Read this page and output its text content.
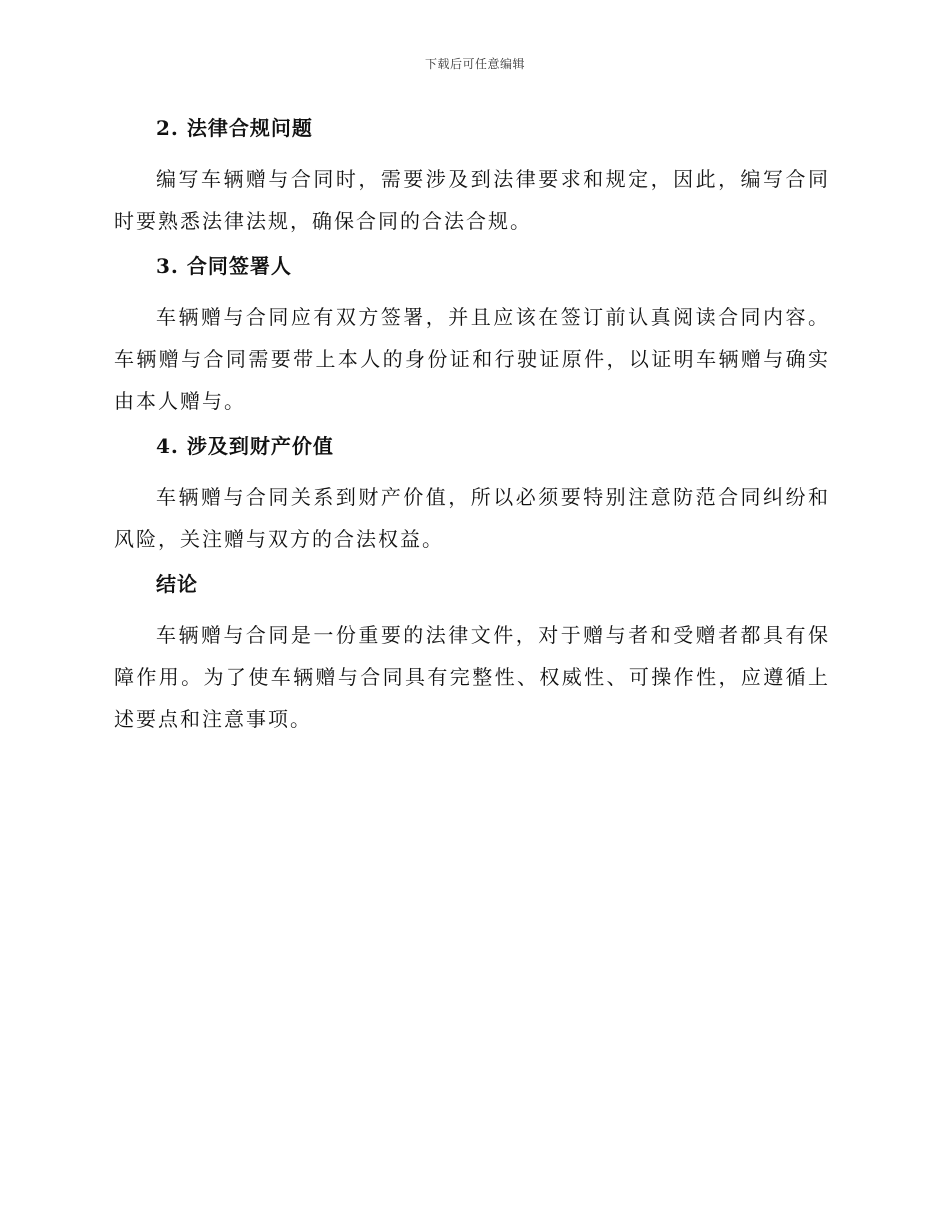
下载后可任意编辑
2. 法律合规问题

编写车辆赠与合同时，需要涉及到法律要求和规定，因此，编写合同时要熟悉法律法规，确保合同的合法合规。

3. 合同签署人

车辆赠与合同应有双方签署，并且应该在签订前认真阅读合同内容。车辆赠与合同需要带上本人的身份证和行驶证原件，以证明车辆赠与确实由本人赠与。

4. 涉及到财产价值

车辆赠与合同关系到财产价值，所以必须要特别注意防范合同纠纷和风险，关注赠与双方的合法权益。

结论

车辆赠与合同是一份重要的法律文件，对于赠与者和受赠者都具有保障作用。为了使车辆赠与合同具有完整性、权威性、可操作性，应遵循上述要点和注意事项。
